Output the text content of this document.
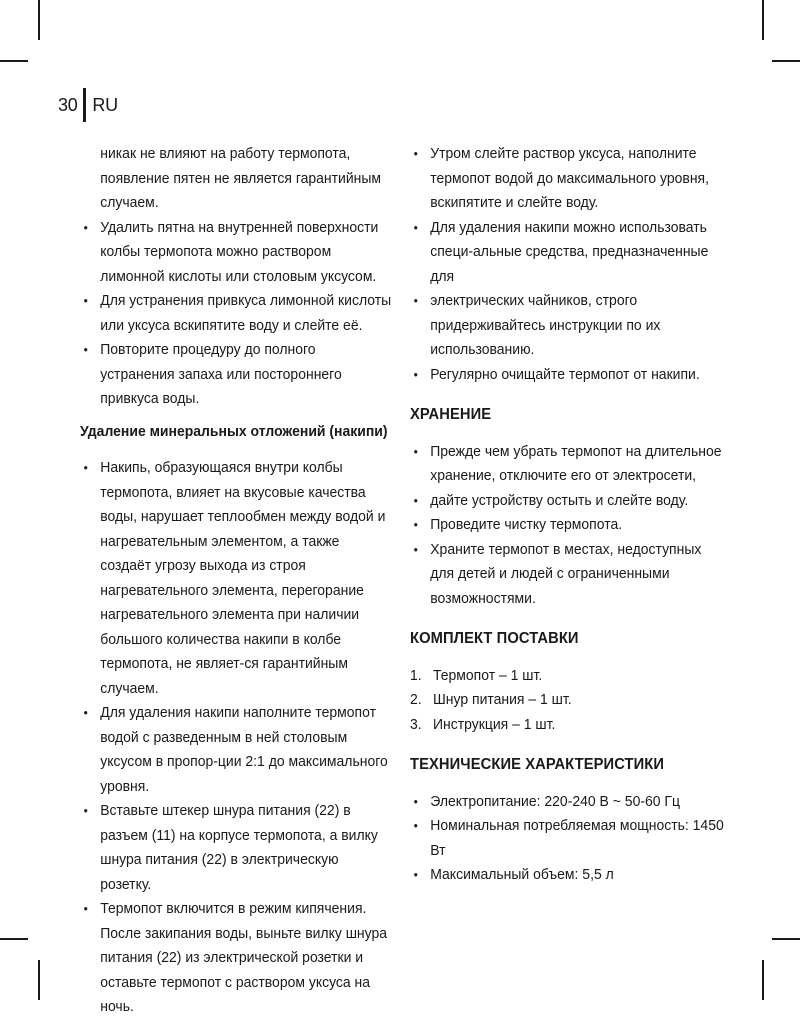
30 RU

никак не влияют на работу термопота, появление пятен не является гарантийным случаем.

• Удалить пятна на внутренней поверхности колбы термопота можно раствором лимонной кислоты или столовым уксусом.
• Для устранения привкуса лимонной кислоты или уксуса вскипятите воду и слейте её.
• Повторите процедуру до полного устранения запаха или постороннего привкуса воды.

Удаление минеральных отложений (накипи)

• Накипь, образующаяся внутри колбы термопота, влияет на вкусовые качества воды, нарушает теплообмен между водой и нагревательным элементом, а также создаёт угрозу выхода из строя нагревательного элемента, перегорание нагревательного элемента при наличии большого количества накипи в колбе термопота, не являет-ся гарантийным случаем.
• Для удаления накипи наполните термопот водой с разведенным в ней столовым уксусом в пропор-ции 2:1 до максимального уровня.
• Вставьте штекер шнура питания (22) в разъем (11) на корпусе термопота, а вилку шнура питания (22) в электрическую розетку.
• Термопот включится в режим кипячения. После закипания воды, выньте вилку шнура питания (22) из электрической розетки и оставьте термопот с раствором уксуса на ночь.
• Утром слейте раствор уксуса, наполните термопот водой до максимального уровня, вскипятите и слейте воду.
• Для удаления накипи можно использовать специ-альные средства, предназначенные для
• электрических чайников, строго придерживайтесь инструкции по их использованию.
• Регулярно очищайте термопот от накипи.

ХРАНЕНИЕ

• Прежде чем убрать термопот на длительное хранение, отключите его от электросети,
• дайте устройству остыть и слейте воду.
• Проведите чистку термопота.
• Храните термопот в местах, недоступных для детей и людей с ограниченными возможностями.

КОМПЛЕКТ ПОСТАВКИ

1. Термопот – 1 шт.
2. Шнур питания – 1 шт.
3. Инструкция – 1 шт.

ТЕХНИЧЕСКИЕ ХАРАКТЕРИСТИКИ

• Электропитание: 220-240 В ~ 50-60 Гц
• Номинальная потребляемая мощность: 1450 Вт
• Максимальный объем: 5,5 л
